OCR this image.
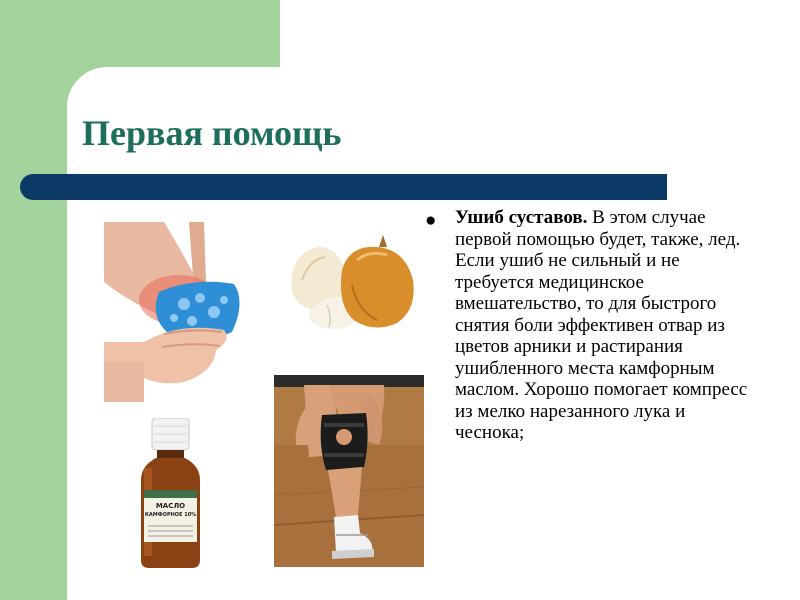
Первая помощь
МАСЛО
КАМФОРНОЕ 10%
● Ушиб суставов. В этом случае первой помощью будет, также, лед. Если ушиб не сильный и не требуется медицинское вмешательство, то для быстрого снятия боли эффективен отвар из цветов арники и растирания ушибленного места камфорным маслом. Хорошо помогает компресс из мелко нарезанного лука и чеснока;
